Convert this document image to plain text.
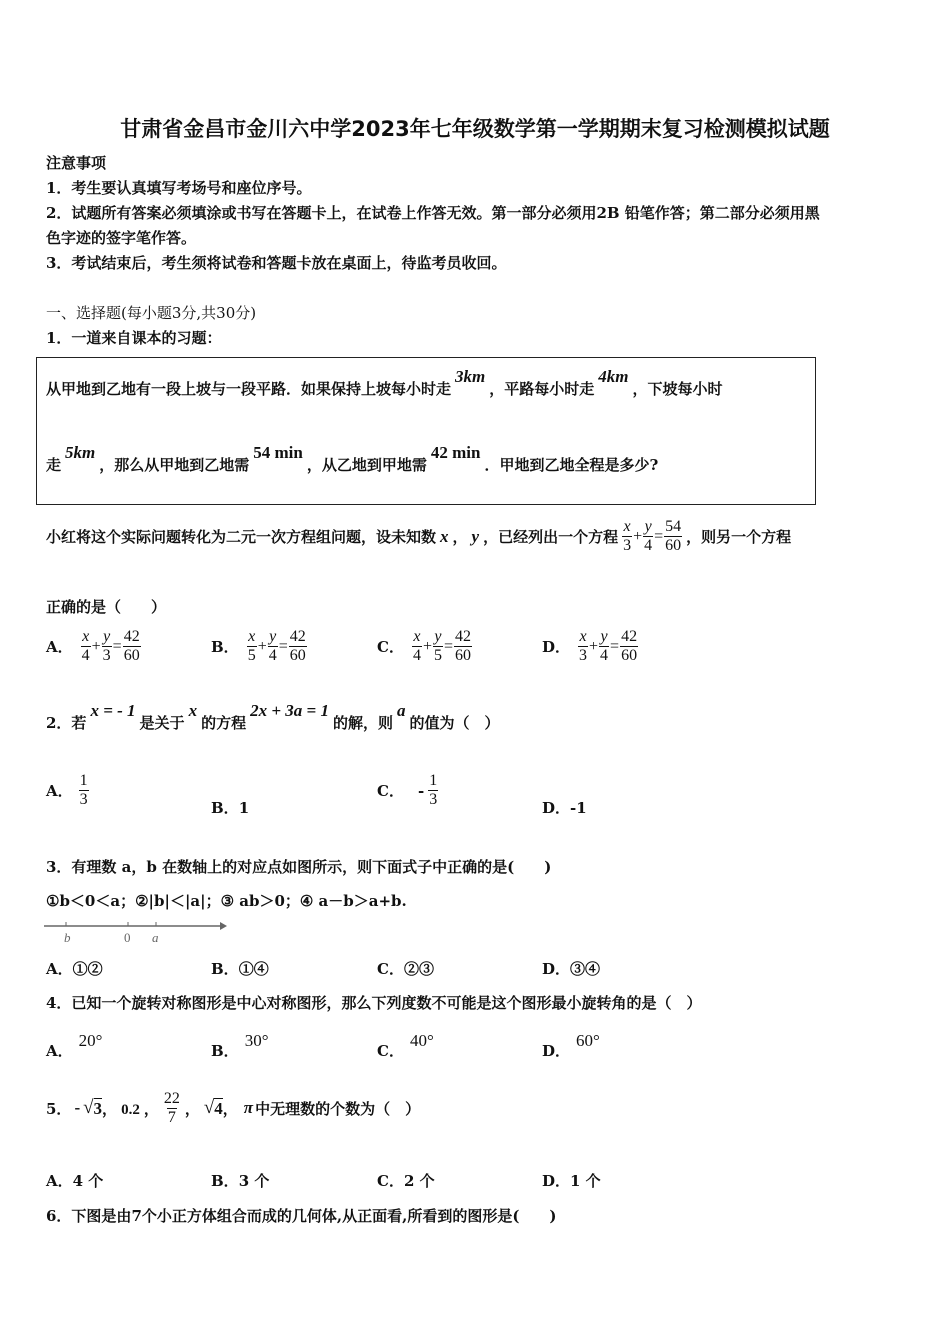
甘肃省金昌市金川六中学2023年七年级数学第一学期期末复习检测模拟试题
注意事项
1．考生要认真填写考场号和座位序号。
2．试题所有答案必须填涂或书写在答题卡上，在试卷上作答无效。第一部分必须用2B 铅笔作答；第二部分必须用黑
色字迹的签字笔作答。
3．考试结束后，考生须将试卷和答题卡放在桌面上，待监考员收回。
一、选择题(每小题3分,共30分)
1．一道来自课本的习题：
从甲地到乙地有一段上坡与一段平路．如果保持上坡每小时走3km，平路每小时走4km，下坡每小时
走5km，那么从甲地到乙地需54 min，从乙地到甲地需42 min．甲地到乙地全程是多少?
小红将这个实际问题转化为二元一次方程组问题，设未知数 x ， y ，已经列出一个方程 $\frac{x}{3} + \frac{y}{4} = \frac{54}{60}$ ，则另一个方程
正确的是（　　）
A． $\frac{x}{4} + \frac{y}{3} = \frac{42}{60}$	B． $\frac{x}{5} + \frac{y}{4} = \frac{42}{60}$	C． $\frac{x}{4} + \frac{y}{5} = \frac{42}{60}$	D． $\frac{x}{3} + \frac{y}{4} = \frac{42}{60}$
2．若x = - 1是关于x的方程2x + 3a = 1的解，则a的值为（　）
A． $\frac{1}{3}$	B．1
C． - $\frac{1}{3}$	D．-1
3．有理数 a，b 在数轴上的对应点如图所示，则下面式子中正确的是(　　)
①b＜0＜a；②|b|＜|a|；③ ab＞0；④ a－b＞a+b.
b	0 a
A．①②	B．①④	C．②③	D．③④
4．已知一个旋转对称图形是中心对称图形，那么下列度数不可能是这个图形最小旋转角的是（　）
A．20°
B．30°
C．40°
D．60°
5． - √ 3 ， 0.2 ， $\frac{22}{7}$ ， √ 4 ， π 中无理数的个数为（　）
A．4 个	B．3 个	C．2 个	D．1 个
6．下图是由7个小正方体组合而成的几何体,从正面看,所看到的图形是(　　)
